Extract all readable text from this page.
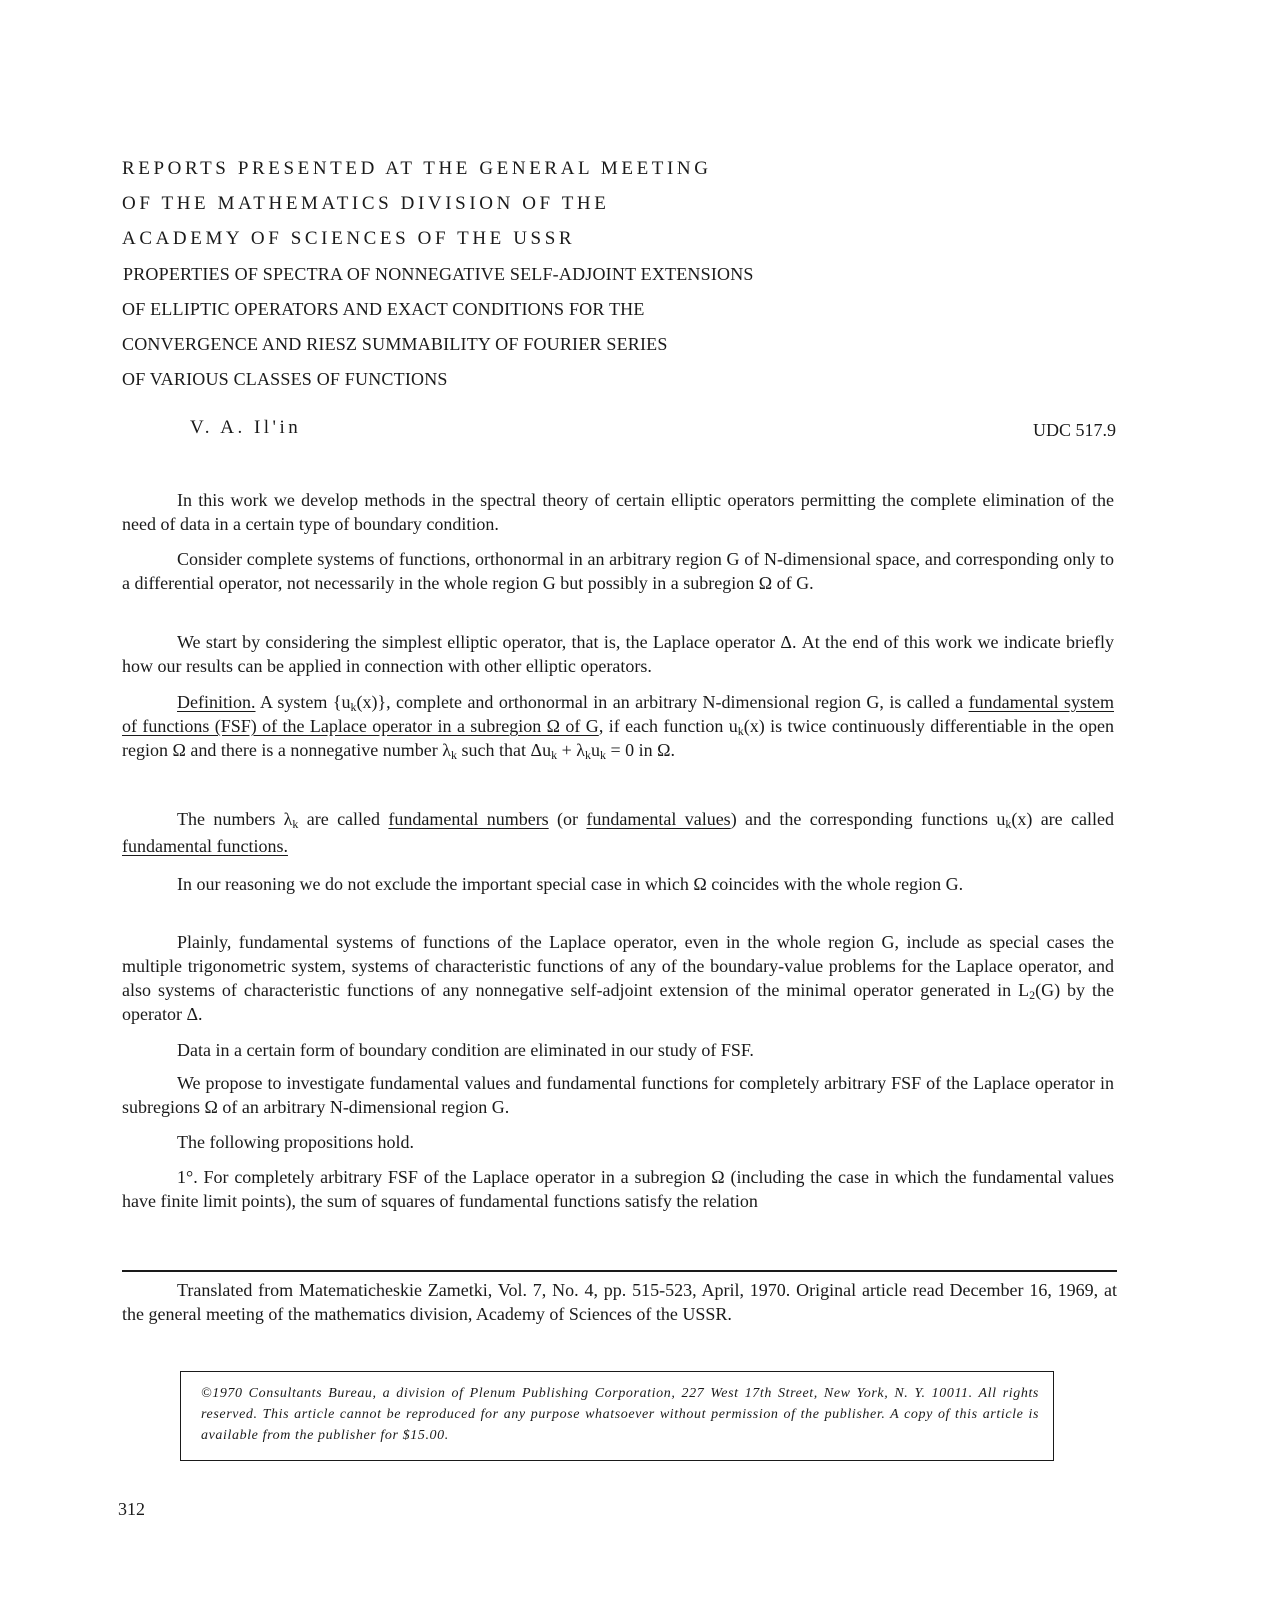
REPORTS PRESENTED AT THE GENERAL MEETING
OF THE MATHEMATICS DIVISION OF THE
ACADEMY OF SCIENCES OF THE USSR
PROPERTIES OF SPECTRA OF NONNEGATIVE SELF-ADJOINT EXTENSIONS
OF ELLIPTIC OPERATORS AND EXACT CONDITIONS FOR THE
CONVERGENCE AND RIESZ SUMMABILITY OF FOURIER SERIES
OF VARIOUS CLASSES OF FUNCTIONS
V. A. Il'in	UDC 517.9
In this work we develop methods in the spectral theory of certain elliptic operators permitting the complete elimination of the need of data in a certain type of boundary condition.
Consider complete systems of functions, orthonormal in an arbitrary region G of N-dimensional space, and corresponding only to a differential operator, not necessarily in the whole region G but possibly in a subregion Ω of G.
We start by considering the simplest elliptic operator, that is, the Laplace operator Δ. At the end of this work we indicate briefly how our results can be applied in connection with other elliptic operators.
Definition. A system $\{u_k(x)\}$, complete and orthonormal in an arbitrary N-dimensional region G, is called a fundamental system of functions (FSF) of the Laplace operator in a subregion Ω of G, if each function $u_k(x)$ is twice continuously differentiable in the open region Ω and there is a nonnegative number $\lambda_k$ such that $\Delta u_k + \lambda_ku_k = 0$ in Ω.
The numbers $\lambda_k$ are called fundamental numbers (or fundamental values) and the corresponding functions $u_k(x)$ are called fundamental functions.
In our reasoning we do not exclude the important special case in which Ω coincides with the whole region G.
Plainly, fundamental systems of functions of the Laplace operator, even in the whole region G, include as special cases the multiple trigonometric system, systems of characteristic functions of any of the boundary-value problems for the Laplace operator, and also systems of characteristic functions of any nonnegative self-adjoint extension of the minimal operator generated in $L_2(G)$ by the operator Δ.
Data in a certain form of boundary condition are eliminated in our study of FSF.
We propose to investigate fundamental values and fundamental functions for completely arbitrary FSF of the Laplace operator in subregions Ω of an arbitrary N-dimensional region G.
The following propositions hold.
1°. For completely arbitrary FSF of the Laplace operator in a subregion Ω (including the case in which the fundamental values have finite limit points), the sum of squares of fundamental functions satisfy the relation
Translated from Matematicheskie Zametki, Vol. 7, No. 4, pp. 515-523, April, 1970. Original article read December 16, 1969, at the general meeting of the mathematics division, Academy of Sciences of the USSR.
©1970 Consultants Bureau, a division of Plenum Publishing Corporation, 227 West 17th Street, New York, N. Y. 10011. All rights reserved. This article cannot be reproduced for any purpose whatsoever without permission of the publisher. A copy of this article is available from the publisher for $15.00.
312
